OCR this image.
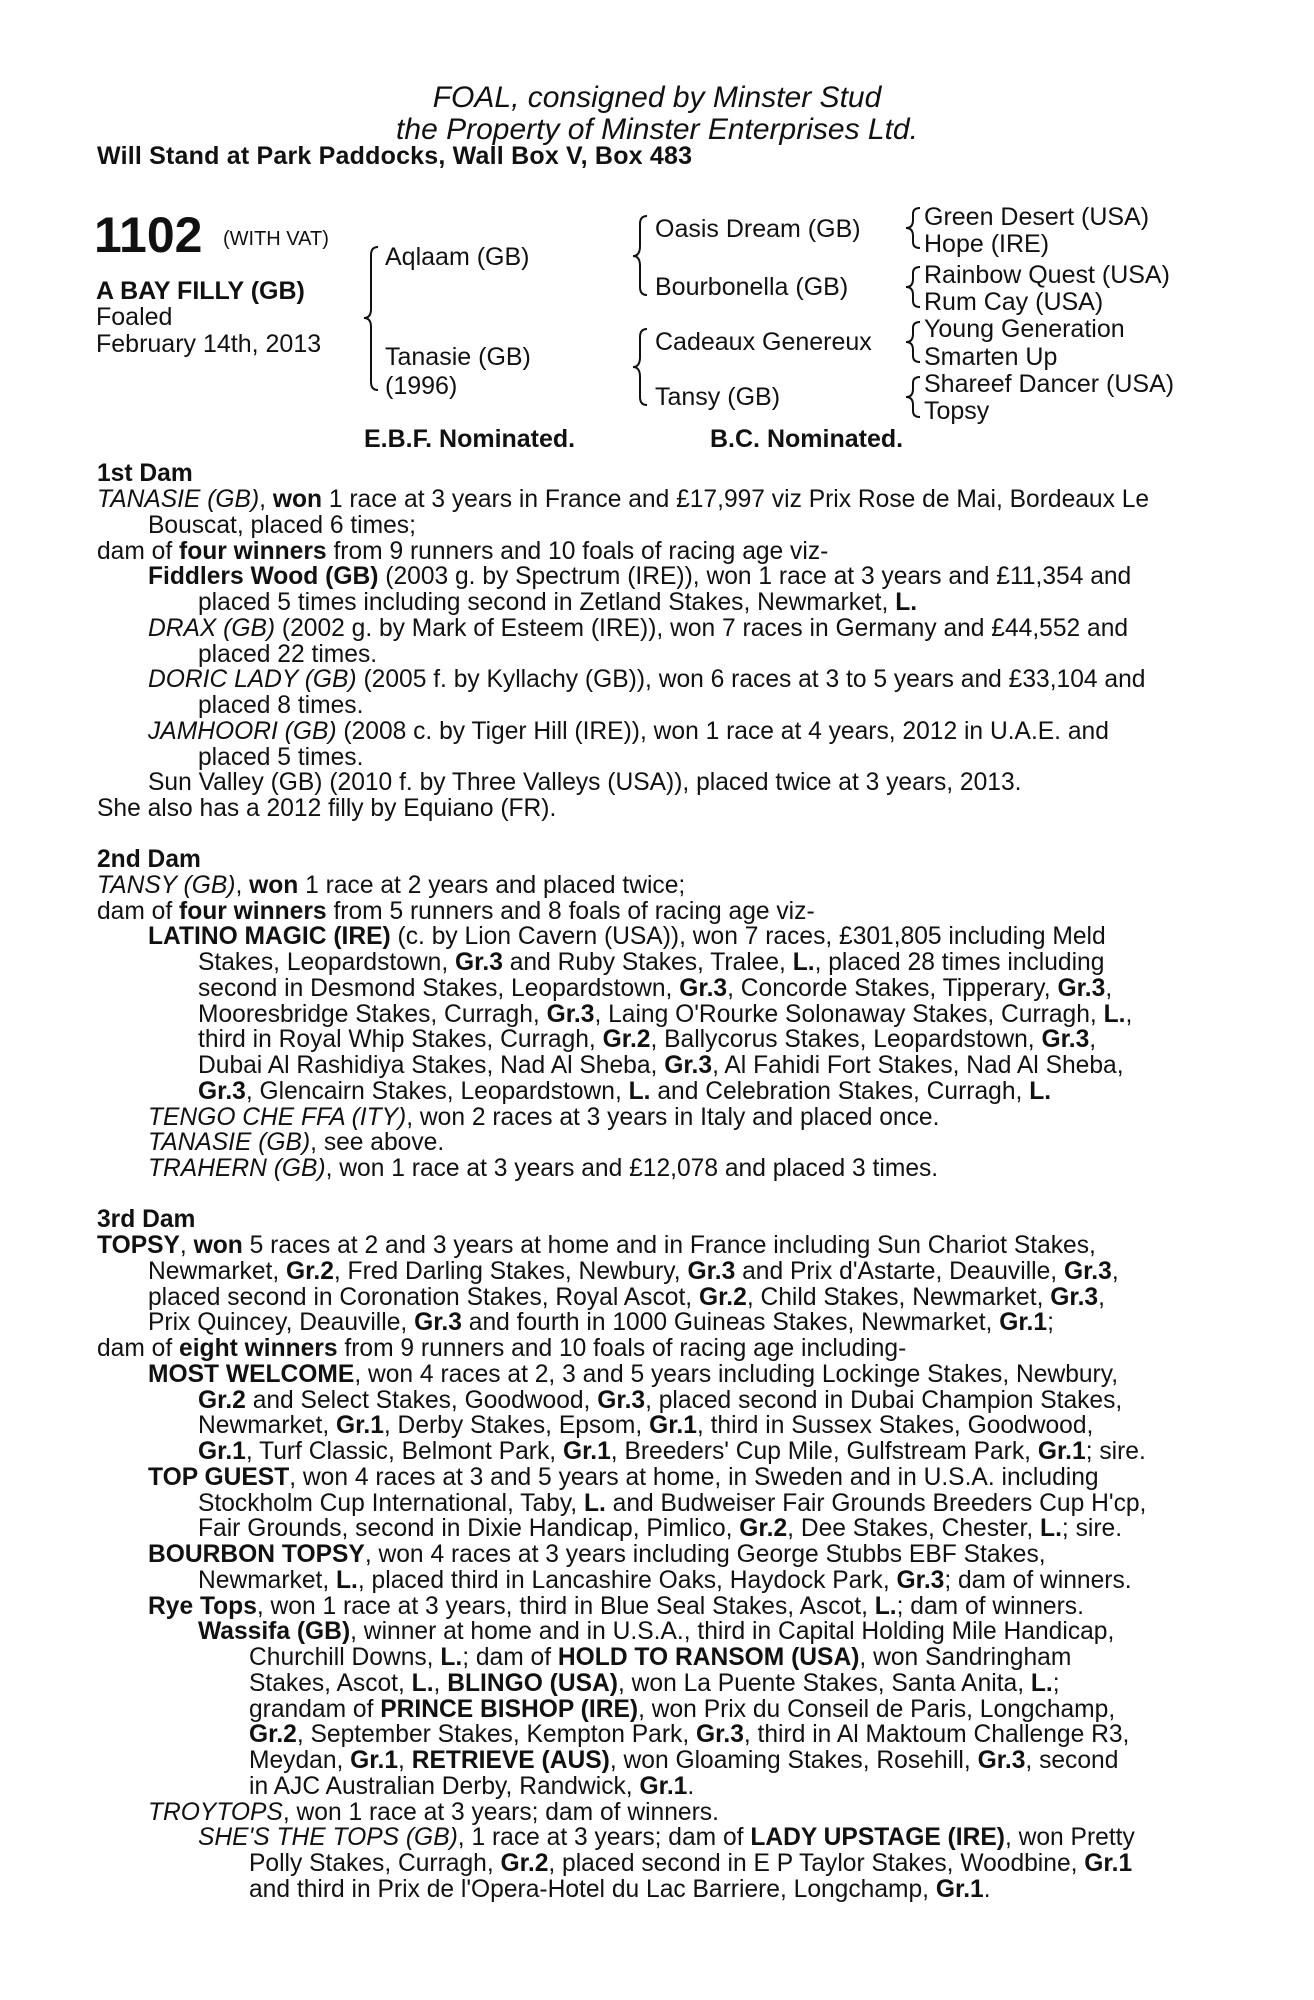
FOAL, consigned by Minster Stud
the Property of Minster Enterprises Ltd.
Will Stand at Park Paddocks, Wall Box V, Box 483
1102 (WITH VAT)
A BAY FILLY (GB)
Foaled
February 14th, 2013
Aqlaam (GB)
Tanasie (GB)
(1996)
Oasis Dream (GB)
Bourbonella (GB)
Cadeaux Genereux
Tansy (GB)
Green Desert (USA)
Hope (IRE)
Rainbow Quest (USA)
Rum Cay (USA)
Young Generation
Smarten Up
Shareef Dancer (USA)
Topsy
E.B.F. Nominated.	B.C. Nominated.
1st Dam
TANASIE (GB), won 1 race at 3 years in France and £17,997 viz Prix Rose de Mai, Bordeaux Le
Bouscat, placed 6 times;
dam of four winners from 9 runners and 10 foals of racing age viz-
Fiddlers Wood (GB) (2003 g. by Spectrum (IRE)), won 1 race at 3 years and £11,354 and
placed 5 times including second in Zetland Stakes, Newmarket, L.
DRAX (GB) (2002 g. by Mark of Esteem (IRE)), won 7 races in Germany and £44,552 and
placed 22 times.
DORIC LADY (GB) (2005 f. by Kyllachy (GB)), won 6 races at 3 to 5 years and £33,104 and
placed 8 times.
JAMHOORI (GB) (2008 c. by Tiger Hill (IRE)), won 1 race at 4 years, 2012 in U.A.E. and
placed 5 times.
Sun Valley (GB) (2010 f. by Three Valleys (USA)), placed twice at 3 years, 2013.
She also has a 2012 filly by Equiano (FR).
2nd Dam
TANSY (GB), won 1 race at 2 years and placed twice;
dam of four winners from 5 runners and 8 foals of racing age viz-
LATINO MAGIC (IRE) (c. by Lion Cavern (USA)), won 7 races, £301,805 including Meld
Stakes, Leopardstown, Gr.3 and Ruby Stakes, Tralee, L., placed 28 times including
second in Desmond Stakes, Leopardstown, Gr.3, Concorde Stakes, Tipperary, Gr.3,
Mooresbridge Stakes, Curragh, Gr.3, Laing O'Rourke Solonaway Stakes, Curragh, L.,
third in Royal Whip Stakes, Curragh, Gr.2, Ballycorus Stakes, Leopardstown, Gr.3,
Dubai Al Rashidiya Stakes, Nad Al Sheba, Gr.3, Al Fahidi Fort Stakes, Nad Al Sheba,
Gr.3, Glencairn Stakes, Leopardstown, L. and Celebration Stakes, Curragh, L.
TENGO CHE FFA (ITY), won 2 races at 3 years in Italy and placed once.
TANASIE (GB), see above.
TRAHERN (GB), won 1 race at 3 years and £12,078 and placed 3 times.
3rd Dam
TOPSY, won 5 races at 2 and 3 years at home and in France including Sun Chariot Stakes,
Newmarket, Gr.2, Fred Darling Stakes, Newbury, Gr.3 and Prix d'Astarte, Deauville, Gr.3,
placed second in Coronation Stakes, Royal Ascot, Gr.2, Child Stakes, Newmarket, Gr.3,
Prix Quincey, Deauville, Gr.3 and fourth in 1000 Guineas Stakes, Newmarket, Gr.1;
dam of eight winners from 9 runners and 10 foals of racing age including-
MOST WELCOME, won 4 races at 2, 3 and 5 years including Lockinge Stakes, Newbury,
Gr.2 and Select Stakes, Goodwood, Gr.3, placed second in Dubai Champion Stakes,
Newmarket, Gr.1, Derby Stakes, Epsom, Gr.1, third in Sussex Stakes, Goodwood,
Gr.1, Turf Classic, Belmont Park, Gr.1, Breeders' Cup Mile, Gulfstream Park, Gr.1; sire.
TOP GUEST, won 4 races at 3 and 5 years at home, in Sweden and in U.S.A. including
Stockholm Cup International, Taby, L. and Budweiser Fair Grounds Breeders Cup H'cp,
Fair Grounds, second in Dixie Handicap, Pimlico, Gr.2, Dee Stakes, Chester, L.; sire.
BOURBON TOPSY, won 4 races at 3 years including George Stubbs EBF Stakes,
Newmarket, L., placed third in Lancashire Oaks, Haydock Park, Gr.3; dam of winners.
Rye Tops, won 1 race at 3 years, third in Blue Seal Stakes, Ascot, L.; dam of winners.
Wassifa (GB), winner at home and in U.S.A., third in Capital Holding Mile Handicap,
Churchill Downs, L.; dam of HOLD TO RANSOM (USA), won Sandringham
Stakes, Ascot, L., BLINGO (USA), won La Puente Stakes, Santa Anita, L.;
grandam of PRINCE BISHOP (IRE), won Prix du Conseil de Paris, Longchamp,
Gr.2, September Stakes, Kempton Park, Gr.3, third in Al Maktoum Challenge R3,
Meydan, Gr.1, RETRIEVE (AUS), won Gloaming Stakes, Rosehill, Gr.3, second
in AJC Australian Derby, Randwick, Gr.1.
TROYTOPS, won 1 race at 3 years; dam of winners.
SHE'S THE TOPS (GB), 1 race at 3 years; dam of LADY UPSTAGE (IRE), won Pretty
Polly Stakes, Curragh, Gr.2, placed second in E P Taylor Stakes, Woodbine, Gr.1
and third in Prix de l'Opera-Hotel du Lac Barriere, Longchamp, Gr.1.
